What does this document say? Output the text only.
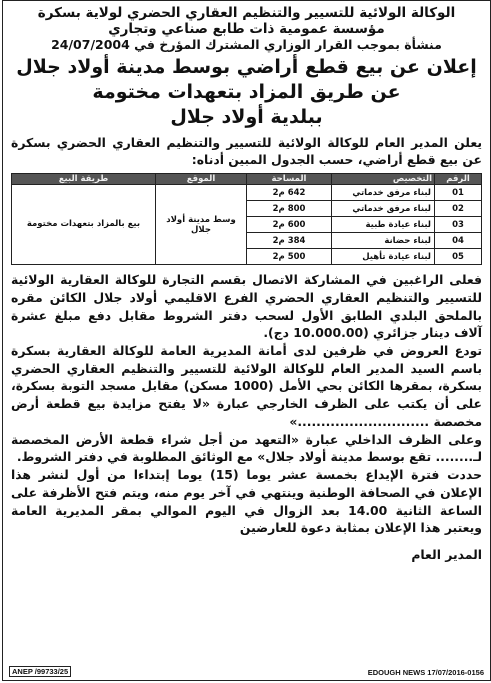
الوكالة الولائية للتسيير والتنظيم العقاري الحضري لولاية بسكرة
مؤسسة عمومية ذات طابع صناعي وتجاري
منشأة بموجب القرار الوزاري المشترك المؤرخ في 24/07/2004
إعلان عن بيع قطع أراضي بوسط مدينة أولاد جلال
عن طريق المزاد بتعهدات مختومة
ببلدية أولاد جلال
يعلن المدير العام للوكالة الولائية للتسيير والتنظيم العقاري الحضري بسكرة عن بيع قطع أراضي، حسب الجدول المبين أدناه:
الرقم	التخصيص	المساحة	الموقع	طريقة البيع
01	لبناء مرفق خدماتي	642 م2	وسط مدينة أولاد جلال	بيع بالمزاد بتعهدات مختومة
02	لبناء مرفق خدماتي	800 م2		
03	لبناء عيادة طبية	600 م2		
04	لبناء حضانة	384 م2		
05	لبناء عيادة تأهيل	500 م2		

فعلى الراغبين في المشاركة الاتصال بقسم التجارة للوكالة العقارية الولائية للتسيير والتنظيم العقاري الحضري الفرع الاقليمي أولاد جلال الكائن مقره بالملحق البلدي الطابق الأول لسحب دفتر الشروط مقابل دفع مبلغ عشرة آلاف دينار جزائري (10.000.00 دج).

تودع العروض في ظرفين لدى أمانة المديرية العامة للوكالة العقارية بسكرة باسم السيد المدير العام للوكالة الولائية للتسيير والتنظيم العقاري الحضري بسكرة، بمقرها الكائن بحي الأمل (1000 مسكن) مقابل مسجد التوبة بسكرة، على أن يكتب على الظرف الخارجي عبارة «لا يفتح مزايدة بيع قطعة أرض مخصصة ............................»

وعلى الظرف الداخلي عبارة «التعهد من أجل شراء قطعة الأرض المخصصة لـ........ تقع بوسط مدينة أولاد جلال» مع الوثائق المطلوبة في دفتر الشروط.

حددت فترة الإيداع بخمسة عشر يوما (15) يوما إبتداءا من أول لنشر هذا الإعلان في الصحافة الوطنية وينتهي في آخر يوم منه، ويتم فتح الأظرفة على الساعة الثانية 14.00 بعد الزوال في اليوم الموالي بمقر المديرية العامة ويعتبر هذا الإعلان بمثابة دعوة للعارضين

المدير العام
ANEP /99733/25	EDOUGH NEWS 17/07/2016-0156
